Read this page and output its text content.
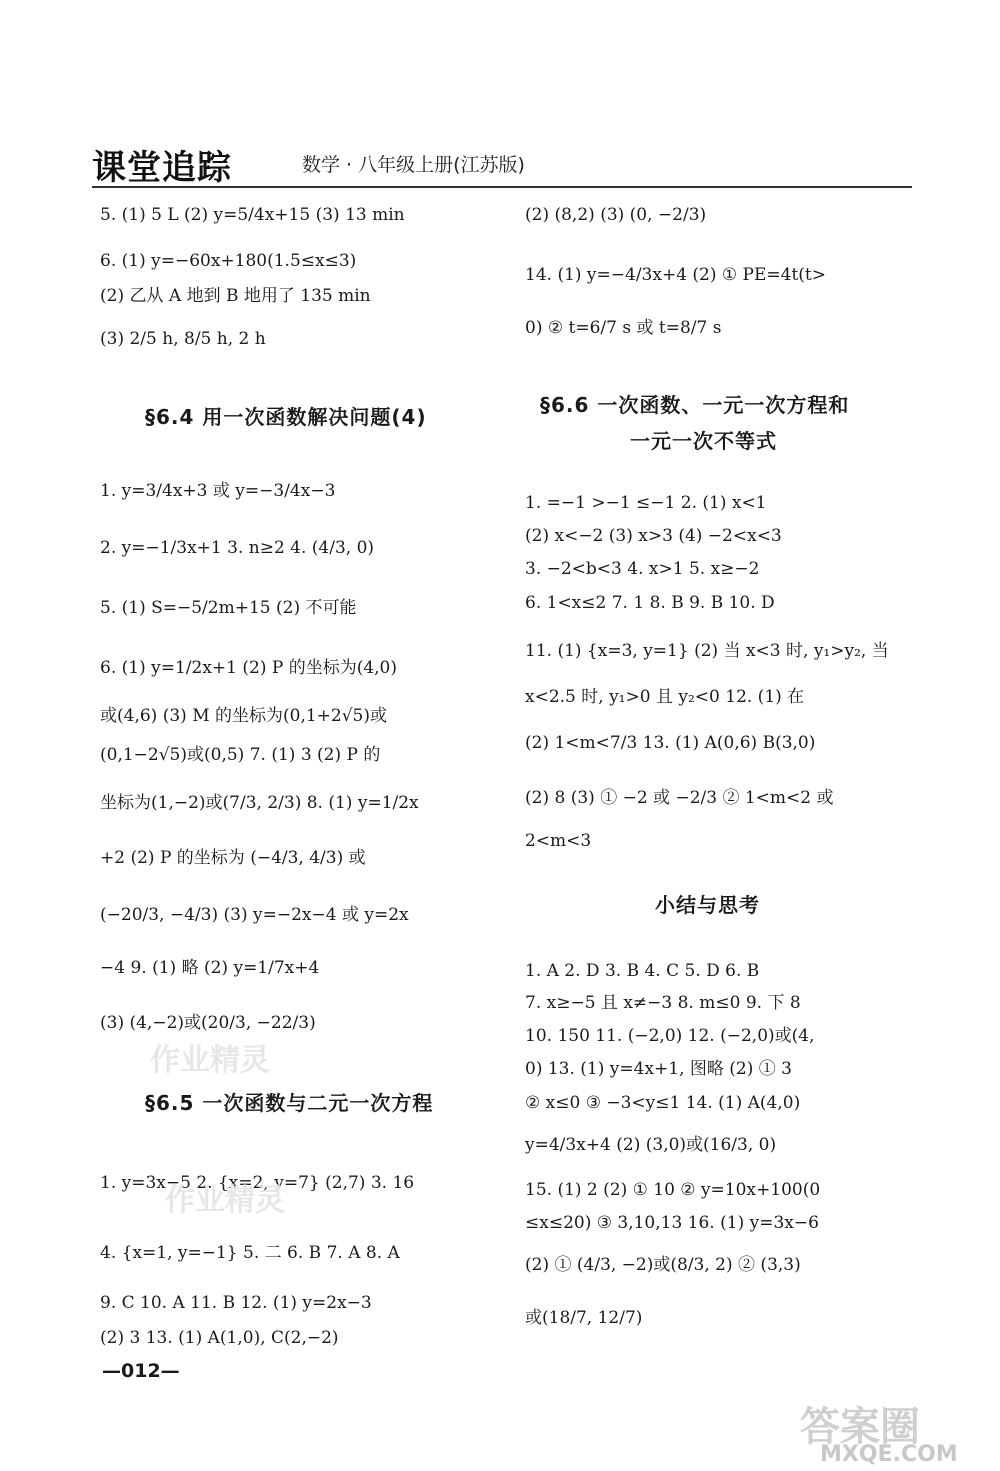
课堂追踪	数学 · 八年级上册(江苏版)
5. (1) 5 L (2) y=5/4x+15 (3) 13 min
6. (1) y=−60x+180(1.5≤x≤3)
(2) 乙从 A 地到 B 地用了 135 min
(3) 2/5 h, 8/5 h, 2 h
§6.4 用一次函数解决问题(4)
1. y=3/4x+3 或 y=−3/4x−3
2. y=−1/3x+1 3. n≥2 4. (4/3, 0)
5. (1) S=−5/2m+15 (2) 不可能
6. (1) y=1/2x+1 (2) P 的坐标为(4,0)
或(4,6) (3) M 的坐标为(0,1+2√5)或
(0,1−2√5)或(0,5) 7. (1) 3 (2) P 的
坐标为(1,−2)或(7/3, 2/3) 8. (1) y=1/2x
+2 (2) P 的坐标为 (−4/3, 4/3) 或
(−20/3, −4/3) (3) y=−2x−4 或 y=2x
−4 9. (1) 略 (2) y=1/7x+4
(3) (4,−2)或(20/3, −22/3)
§6.5 一次函数与二元一次方程
1. y=3x−5 2. {x=2, y=7} (2,7) 3. 16
4. {x=1, y=−1} 5. 二 6. B 7. A 8. A
9. C 10. A 11. B 12. (1) y=2x−3
(2) 3 13. (1) A(1,0), C(2,−2)
(2) (8,2) (3) (0, −2/3)
14. (1) y=−4/3x+4 (2) ① PE=4t(t>
0) ② t=6/7 s 或 t=8/7 s
§6.6 一次函数、一元一次方程和
一元一次不等式
1. =−1 >−1 ≤−1 2. (1) x<1
(2) x<−2 (3) x>3 (4) −2<x<3
3. −2<b<3 4. x>1 5. x≥−2
6. 1<x≤2 7. 1 8. B 9. B 10. D
11. (1) {x=3, y=1} (2) 当 x<3 时, y₁>y₂, 当
x<2.5 时, y₁>0 且 y₂<0 12. (1) 在
(2) 1<m<7/3 13. (1) A(0,6) B(3,0)
(2) 8 (3) ① −2 或 −2/3 ② 1<m<2 或
2<m<3
小结与思考
1. A 2. D 3. B 4. C 5. D 6. B
7. x≥−5 且 x≠−3 8. m≤0 9. 下 8
10. 150 11. (−2,0) 12. (−2,0)或(4,
0) 13. (1) y=4x+1, 图略 (2) ① 3
② x≤0 ③ −3<y≤1 14. (1) A(4,0)
y=4/3x+4 (2) (3,0)或(16/3, 0)
15. (1) 2 (2) ① 10 ② y=10x+100(0
≤x≤20) ③ 3,10,13 16. (1) y=3x−6
(2) ① (4/3, −2)或(8/3, 2) ② (3,3)
或(18/7, 12/7)
作业精灵
作业精灵
—012—
答案圈
MXQE.COM
